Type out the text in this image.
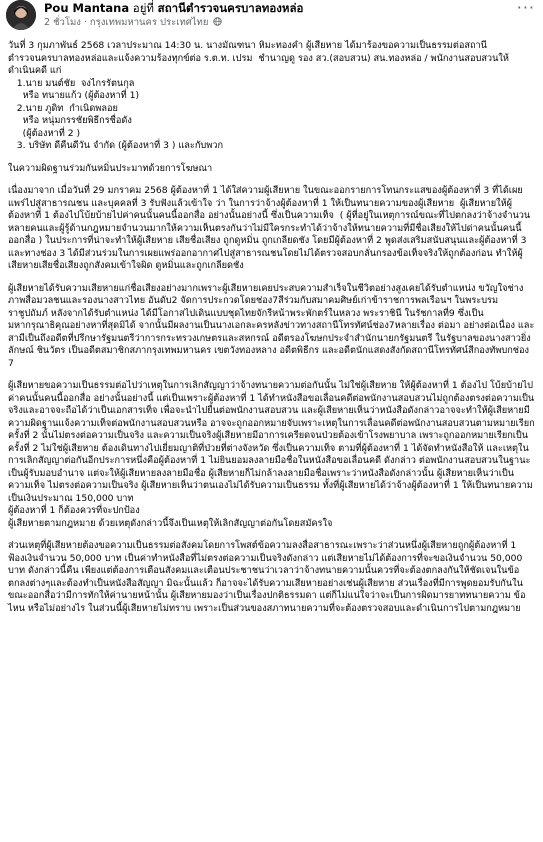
Pou Mantana อยู่ที่ สถานีตำรวจนครบาลทองหล่อ
2 ชั่วโมง · กรุงเทพมหานคร ประเทศไทย
···

วันที่ 3 กุมภาพันธ์ 2568 เวลาประมาณ 14:30 น. นางมัณฑนา หิมะทองคำ ผู้เสียหาย ได้มาร้องขอความเป็นธรรมต่อสถานีตำรวจนครบาลทองหล่อและแจ้งความร้องทุกข์ต่อ ร.ต.ท. เปรม  ชำนาญดู รอง สว.(สอบสวน) สน.ทองหล่อ / พนักงานสอบสวนให้ดำเนินคดี แก่
1.นาย มนต์ชัย  จงไกรรัตนกุล
หรือ ทนายแก้ว (ผู้ต้องหาที่ 1)
2.นาย ภูดิท  กำเนิดพลอย
หรือ หนุ่มกรรชัยพิธีกรชื่อดัง
(ผู้ต้องหาที่ 2 )
3. บริษัท ดีคืนดีวัน จำกัด (ผู้ต้องหาที่ 3 ) และกับพวก

ในความผิดฐานร่วมกันหมิ่นประมาทด้วยการโฆษณา

เนื่องมาจาก เมื่อวันที่ 29 มกราคม 2568 ผู้ต้องหาที่ 1 ได้ใส่ความผู้เสียหาย ในขณะออกรายการโทนกระแสของผู้ต้องหาที่ 3 ที่ได้เผยแพร่ไปสู่สาธารณชน และบุคคลที่ 3 รับฟังแล้วเข้าใจ ว่า ในการว่าจ้างผู้ต้องหาที่ 1 ให้เป็นทนายความของผู้เสียหาย  ผู้เสียหายให้ผู้ต้องหาที่ 1 ต้องไปโบ้ยบ้ายไปค่าคนนั้นคนนี้ออกสื่อ อย่างนั้นอย่างนี้ ซึ่งเป็นความเท็จ  ( ผู้ที่อยู่ในเหตุการณ์ขณะที่ไปตกลงว่าจ้างจำนวนหลายคนและผู้รู้ด้านกฎหมายจำนวนมากให้ความเห็นตรงกันว่าไม่มีใครกระทำได้ว่าจ้างให้ทนายความที่มีชื่อเสียงให้ไปด่าคนนั้นคนนี้ออกสื่อ ) ในประการที่น่าจะทำให้ผู้เสียหาย เสียชื่อเสียง ถูกดูหมิ่น ถูกเกลียดชัง โดยมีผู้ต้องหาที่ 2 พูดส่งเสริมสนับสนุนและผู้ต้องหาที่ 3 และทางช่อง 3 ได้มีส่วนร่วมในการเผยแพร่ออกอากาศไปสู่สาธารณชนโดยไม่ได้ตรวจสอบกลั่นกรองข้อเท็จจริงให้ถูกต้องก่อน ทำให้ผู้เสียหายเสียชื่อเสียงถูกสังคมเข้าใจผิด ดูหมิ่นและถูกเกลียดชัง

ผู้เสียหายได้รับความเสียหายแก่ชื่อเสียงอย่างมากเพราะผู้เสียหายเคยประสบความสำเร็จในชีวิตอย่างสูงเคยได้รับตำแหน่ง ขวัญใจช่างภาพสื่อมวลชนและรองนางสาวไทย อันดับ2 จัดการประกวดโดยช่อง7สีร่วมกับสมาคมศิษย์เก่าข้าราชการพลเรือนฯ ในพระบรมราชูปถัมภ์ หลังจากได้รับตำแหน่ง ได้มีโอกาสไปเดินแบบชุดไทยจักรีหน้าพระพักตร์ในหลวง พระราชินี ในรัชกาลที่9 ซึ่งเป็นมหากรุณาธิคุณอย่างหาที่สุดมิได้ จากนั้นมีผลงานเป็นนางเอกละครหลังข่าวทางสถานีโทรทัศน์ช่อง7หลายเรื่อง ต่อมา อย่างต่อเนื่อง และสามีเป็นถึงอดีตที่ปรึกษารัฐมนตรีว่าการกระทรวงเกษตรและสหกรณ์ อดีตรองโฆษกประจำสำนักนายกรัฐมนตรี ในรัฐบาลของนางสาวยิ่งลักษณ์ ชินวัตร เป็นอดีตสมาชิกสภากรุงเทพมหานคร เขตวังทองหลาง อดีตพิธีกร และอดีตนักแสดงสังกัดสถานีโทรทัศน์สีกองทัพบกช่อง 7

ผู้เสียหายขอความเป็นธรรมต่อไปว่าเหตุในการเลิกสัญญาว่าจ้างทนายความต่อกันนั้น ไม่ใช่ผู้เสียหาย ให้ผู้ต้องหาที่ 1 ต้องไป โบ้ยบ้ายไปค่าคนนั้นคนนี้ออกสื่อ อย่างนั้นอย่างนี้ แต่เป็นเพราะผู้ต้องหาที่ 1 ได้ทำหนังสือขอเลื่อนคดีต่อพนักงานสอบสวนไม่ถูกต้องตรงต่อความเป็นจริงและอาจจะถือได้ว่าเป็นเอกสารเท็จ เพื่อจะนำไปยื่นต่อพนักงานสอบสวน และผู้เสียหายเห็นว่าหนังสือดังกล่าวอาจจะทำให้ผู้เสียหายมีความผิดฐานแจ้งความเท็จต่อพนักงานสอบสวนหรือ อาจจะถูกออกหมายจับเพราะเหตุในการเลื่อนคดีต่อพนักงานสอบสวนตามหมายเรียกครั้งที่ 2 นั้นไม่ตรงต่อความเป็นจริง และความเป็นจริงผู้เสียหายมีอาการเครียดจนป่วยต้องเข้าโรงพยาบาล เพราะถูกออกหมายเรียกเป็นครั้งที่ 2 ไม่ใช่ผู้เสียหาย ต้องเดินทางไปเยี่ยมญาติที่ป่วยที่ต่างจังหวัด ซึ่งเป็นความเท็จ ตามที่ผู้ต้องหาที่ 1 ได้จัดทำหนังสือให้ และเหตุในการเลิกสัญญาต่อกันอีกประการหนึ่งคือผู้ต้องหาที่ 1 ไม่ยินยอมลงลายมือชื่อในหนังสือขอเลื่อนคดี ดังกล่าว ต่อพนักงานสอบสวนในฐานะเป็นผู้รับมอบอำนาจ แต่จะให้ผู้เสียหายลงลายมือชื่อ ผู้เสียหายก็ไม่กล้าลงลายมือชื่อเพราะว่าหนังสือดังกล่าวนั้น ผู้เสียหายเห็นว่าเป็นความเท็จ ไม่ตรงต่อความเป็นจริง ผู้เสียหายเห็นว่าตนเองไม่ได้รับความเป็นธรรม ทั้งที่ผู้เสียหายได้ว่าจ้างผู้ต้องหาที่ 1 ให้เป็นทนายความ เป็นเงินประมาณ 150,000 บาท
ผู้ต้องหาที่ 1 ก็ต้องควรที่จะปกป้อง
ผู้เสียหายตามกฎหมาย ด้วยเหตุดังกล่าวนี้จึงเป็นเหตุให้เลิกสัญญาต่อกันโดยสมัครใจ

ส่วนเหตุที่ผู้เสียหายต้องขอความเป็นธรรมต่อสังคมโดยการโพสต์ข้อความลงสื่อสาธารณะเพราะว่าส่วนหนึ่งผู้เสียหายถูกผู้ต้องหาที่ 1 ฟ้องเงินจำนวน 50,000 บาท เป็นค่าทำหนังสือที่ไม่ตรงต่อความเป็นจริงดังกล่าว แต่เสียหายไม่ได้ต้องการที่จะขอเงินจำนวน 50,000 บาท ดังกล่าวนี้คืน เพียงแต่ต้องการเตือนสังคมและเตือนประชาชนว่าเวลาว่าจ้างทนายความนั้นควรที่จะต้องตกลงกันให้ชัดเจนในข้อตกลงต่างๆและต้องทำเป็นหนังสือสัญญา มิฉะนั้นแล้ว ก็อาจจะได้รับความเสียหายอย่างเช่นผู้เสียหาย ส่วนเรื่องที่มีการพูดยอมรับกันในขณะออกสื่อว่ามีการทักให้ค่านายหน้านั้น ผู้เสียหายมองว่าเป็นเรื่องปกติธรรมดา แต่ก็ไม่แน่ใจว่าจะเป็นการผิดมารยาททนายความ ข้อไหน หรือไม่อย่างไร ในส่วนนี้ผู้เสียหายไม่ทราบ เพราะเป็นส่วนของสภาทนายความที่จะต้องตรวจสอบและดำเนินการไปตามกฎหมาย
